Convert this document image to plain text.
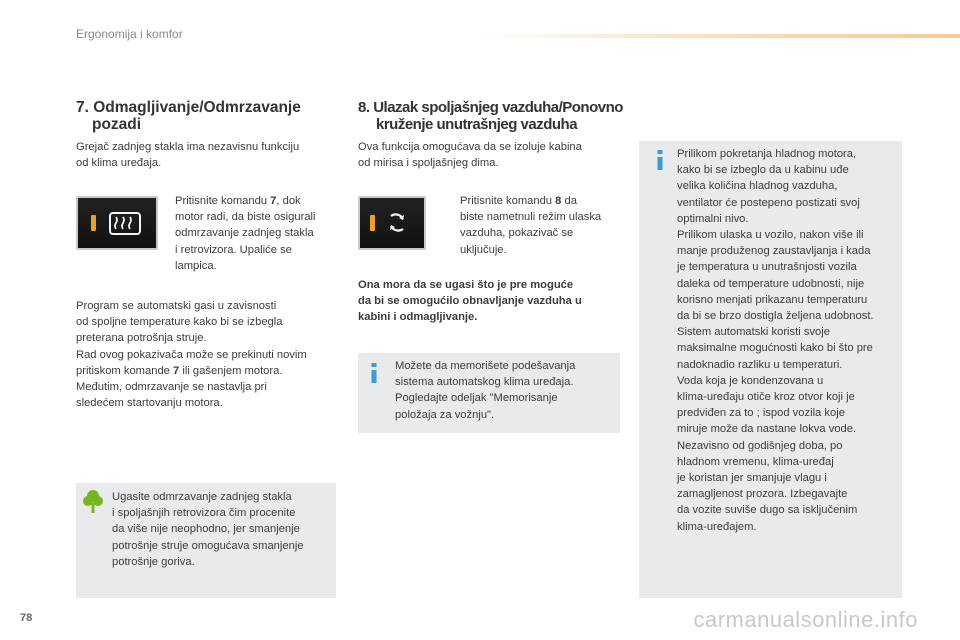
Ergonomija i komfor
7. Odmagljivanje/Odmrzavanje
pozadi
Grejač zadnjeg stakla ima nezavisnu funkciju
od klima uređaja.
Pritisnite komandu 7, dok
motor radi, da biste osigurali
odmrzavanje zadnjeg stakla
i retrovizora. Upaliće se
lampica.
Program se automatski gasi u zavisnosti
od spoljne temperature kako bi se izbegla
preterana potrošnja struje.
Rad ovog pokazivača može se prekinuti novim
pritiskom komande 7 ili gašenjem motora.
Međutim, odmrzavanje se nastavlja pri
sledećem startovanju motora.
Ugasite odmrzavanje zadnjeg stakla
i spoljašnjih retrovizora čim procenite
da više nije neophodno, jer smanjenje
potrošnje struje omogućava smanjenje
potrošnje goriva.
8. Ulazak spoljašnjeg vazduha/Ponovno
kruženje unutrašnjeg vazduha
Ova funkcija omogućava da se izoluje kabina
od mirisa i spoljašnjeg dima.
Pritisnite komandu 8 da
biste nametnuli režim ulaska
vazduha, pokazivač se
uključuje.
Ona mora da se ugasi što je pre moguće
da bi se omogućilo obnavljanje vazduha u
kabini i odmagljivanje.
Možete da memorišete podešavanja
sistema automatskog klima uređaja.
Pogledajte odeljak "Memorisanje
položaja za vožnju".
Prilikom pokretanja hladnog motora,
kako bi se izbeglo da u kabinu uđe
velika količina hladnog vazduha,
ventilator će postepeno postizati svoj
optimalni nivo.
Prilikom ulaska u vozilo, nakon više ili
manje produženog zaustavljanja i kada
je temperatura u unutrašnjosti vozila
daleka od temperature udobnosti, nije
korisno menjati prikazanu temperaturu
da bi se brzo dostigla željena udobnost.
Sistem automatski koristi svoje
maksimalne mogućnosti kako bi što pre
nadoknadio razliku u temperaturi.
Voda koja je kondenzovana u
klima-uređaju otiče kroz otvor koji je
predviđen za to ; ispod vozila koje
miruje može da nastane lokva vode.
Nezavisno od godišnjeg doba, po
hladnom vremenu, klima-uređaj
je koristan jer smanjuje vlagu i
zamagljenost prozora. Izbegavajte
da vozite suviše dugo sa isključenim
klima-uređajem.
78	carmanualsonline.info
